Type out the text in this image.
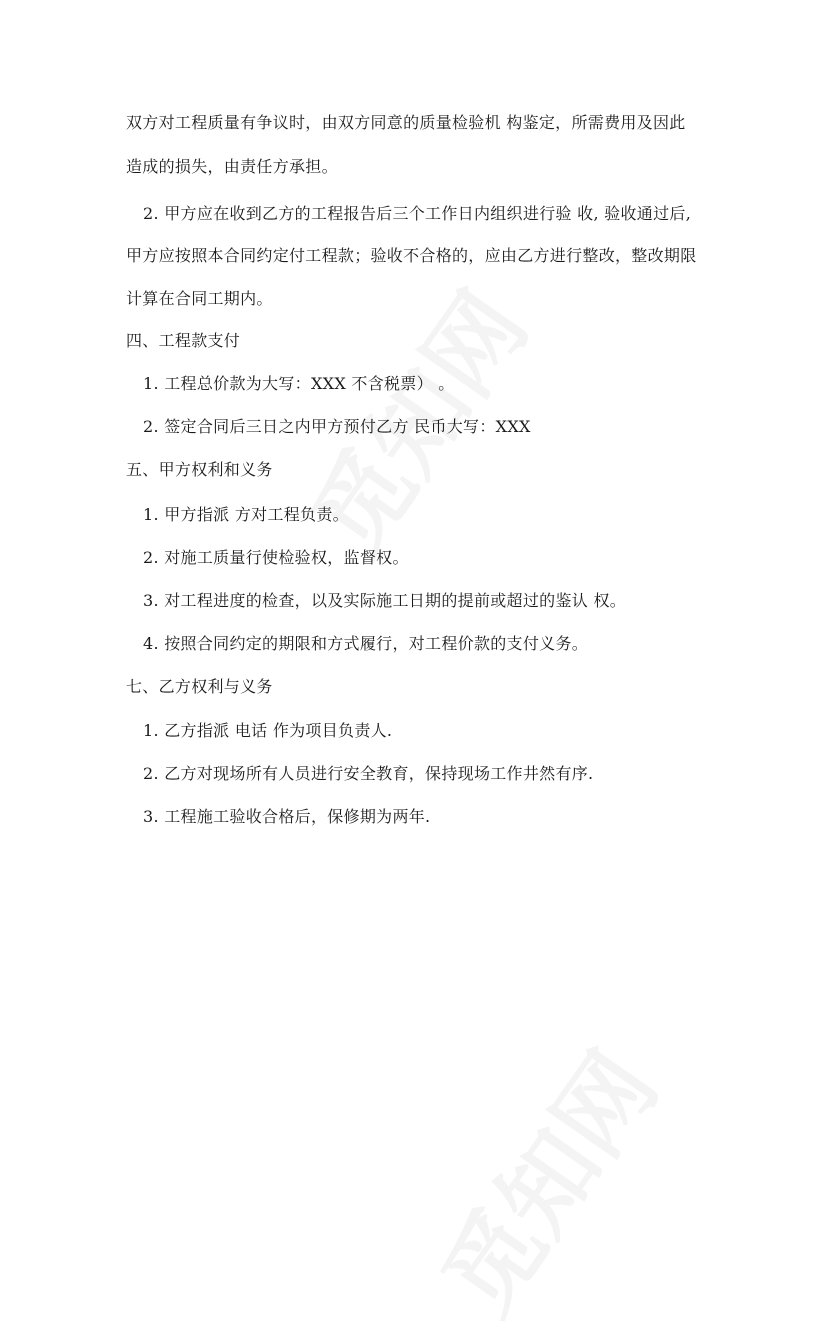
双方对工程质量有争议时，由双方同意的质量检验机 构鉴定，所需费用及因此
造成的损失，由责任方承担。
2. 甲方应在收到乙方的工程报告后三个工作日内组织进行验 收, 验收通过后,
甲方应按照本合同约定付工程款；验收不合格的，应由乙方进行整改，整改期限
计算在合同工期内。
四、工程款支付
1. 工程总价款为大写：XXX 不含税票） 。
2. 签定合同后三日之内甲方预付乙方 民币大写：XXX
五、甲方权利和义务
1. 甲方指派 方对工程负责。
2. 对施工质量行使检验权，监督权。
3. 对工程进度的检查，以及实际施工日期的提前或超过的鉴认 权。
4. 按照合同约定的期限和方式履行，对工程价款的支付义务。
七、乙方权利与义务
1. 乙方指派 电话 作为项目负责人.
2. 乙方对现场所有人员进行安全教育，保持现场工作井然有序.
3. 工程施工验收合格后，保修期为两年.
